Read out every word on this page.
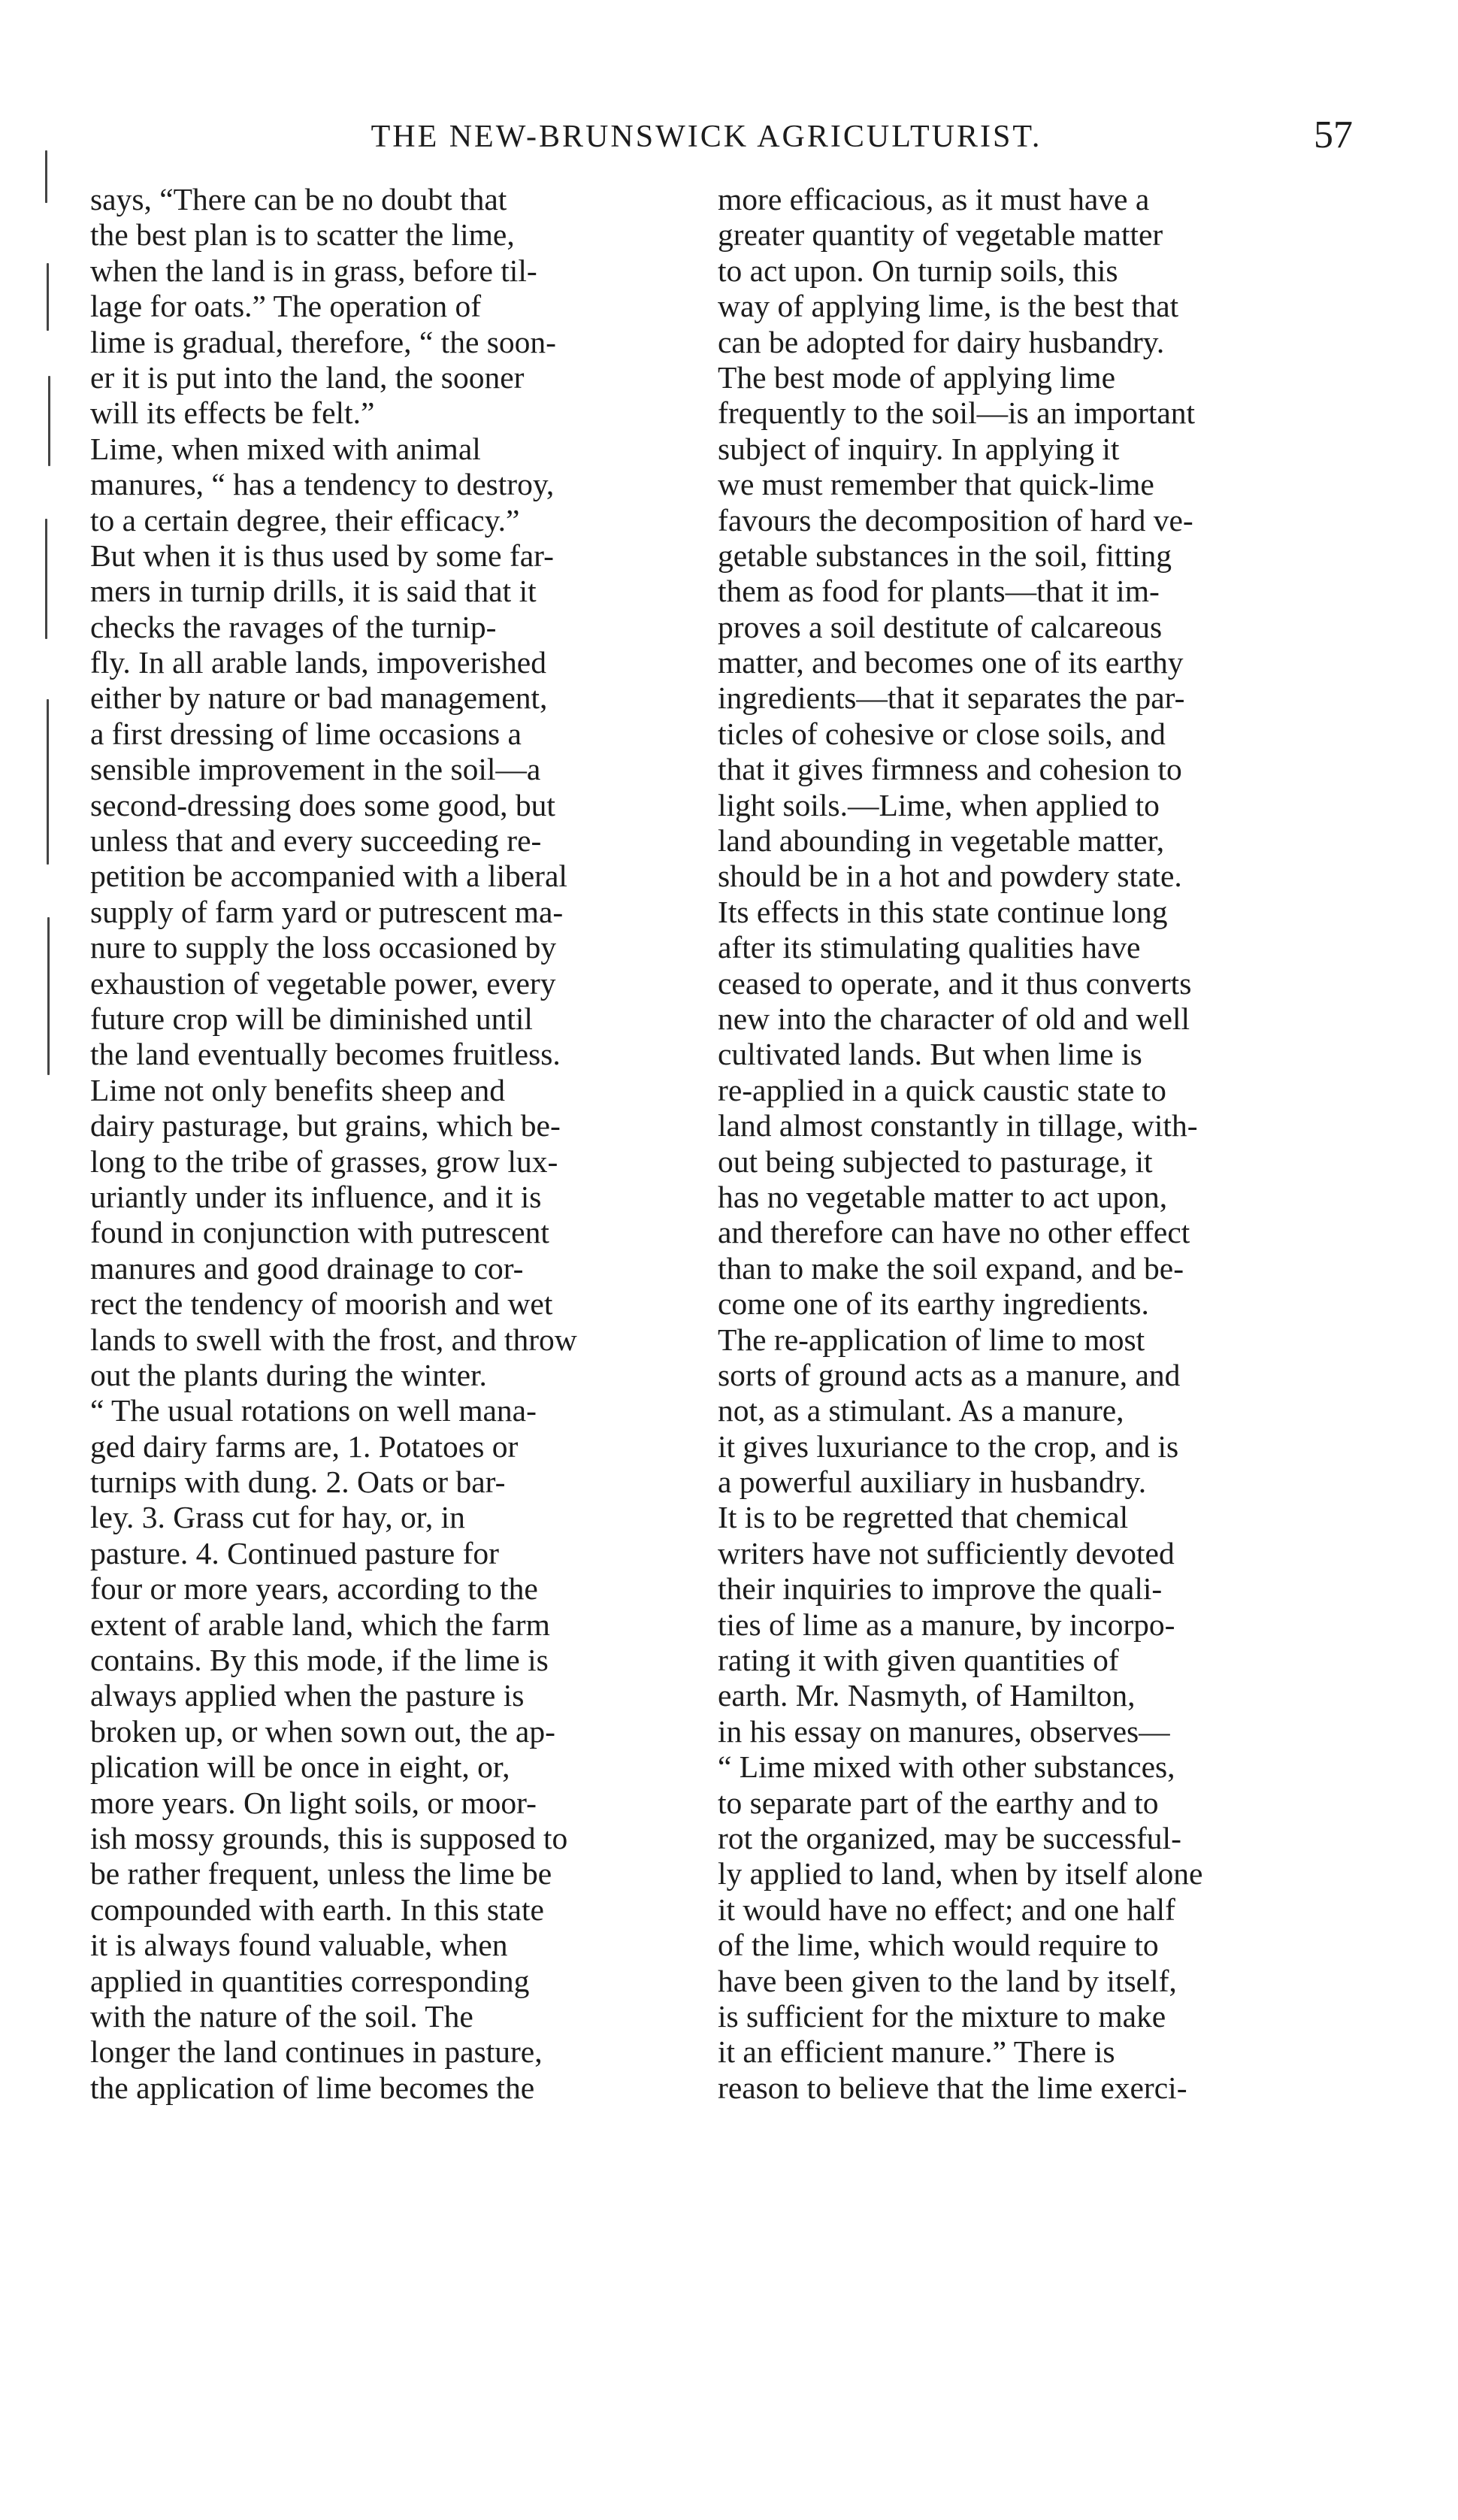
THE NEW-BRUNSWICK AGRICULTURIST.	57
says, “There can be no doubt that
the best plan is to scatter the lime,
when the land is in grass, before til-
lage for oats.” The operation of
lime is gradual, therefore, “ the soon-
er it is put into the land, the sooner
will its effects be felt.”
Lime, when mixed with animal
manures, “ has a tendency to destroy,
to a certain degree, their efficacy.”
But when it is thus used by some far-
mers in turnip drills, it is said that it
checks the ravages of the turnip-
fly. In all arable lands, impoverished
either by nature or bad management,
a first dressing of lime occasions a
sensible improvement in the soil—a
second-dressing does some good, but
unless that and every succeeding re-
petition be accompanied with a liberal
supply of farm yard or putrescent ma-
nure to supply the loss occasioned by
exhaustion of vegetable power, every
future crop will be diminished until
the land eventually becomes fruitless.
Lime not only benefits sheep and
dairy pasturage, but grains, which be-
long to the tribe of grasses, grow lux-
uriantly under its influence, and it is
found in conjunction with putrescent
manures and good drainage to cor-
rect the tendency of moorish and wet
lands to swell with the frost, and throw
out the plants during the winter.
“ The usual rotations on well mana-
ged dairy farms are, 1. Potatoes or
turnips with dung. 2. Oats or bar-
ley. 3. Grass cut for hay, or, in
pasture. 4. Continued pasture for
four or more years, according to the
extent of arable land, which the farm
contains. By this mode, if the lime is
always applied when the pasture is
broken up, or when sown out, the ap-
plication will be once in eight, or,
more years. On light soils, or moor-
ish mossy grounds, this is supposed to
be rather frequent, unless the lime be
compounded with earth. In this state
it is always found valuable, when
applied in quantities corresponding
with the nature of the soil. The
longer the land continues in pasture,
the application of lime becomes the
more efficacious, as it must have a
greater quantity of vegetable matter
to act upon. On turnip soils, this
way of applying lime, is the best that
can be adopted for dairy husbandry.
The best mode of applying lime
frequently to the soil—is an important
subject of inquiry. In applying it
we must remember that quick-lime
favours the decomposition of hard ve-
getable substances in the soil, fitting
them as food for plants—that it im-
proves a soil destitute of calcareous
matter, and becomes one of its earthy
ingredients—that it separates the par-
ticles of cohesive or close soils, and
that it gives firmness and cohesion to
light soils.—Lime, when applied to
land abounding in vegetable matter,
should be in a hot and powdery state.
Its effects in this state continue long
after its stimulating qualities have
ceased to operate, and it thus converts
new into the character of old and well
cultivated lands. But when lime is
re-applied in a quick caustic state to
land almost constantly in tillage, with-
out being subjected to pasturage, it
has no vegetable matter to act upon,
and therefore can have no other effect
than to make the soil expand, and be-
come one of its earthy ingredients.
The re-application of lime to most
sorts of ground acts as a manure, and
not, as a stimulant. As a manure,
it gives luxuriance to the crop, and is
a powerful auxiliary in husbandry.
It is to be regretted that chemical
writers have not sufficiently devoted
their inquiries to improve the quali-
ties of lime as a manure, by incorpo-
rating it with given quantities of
earth. Mr. Nasmyth, of Hamilton,
in his essay on manures, observes—
“ Lime mixed with other substances,
to separate part of the earthy and to
rot the organized, may be successful-
ly applied to land, when by itself alone
it would have no effect; and one half
of the lime, which would require to
have been given to the land by itself,
is sufficient for the mixture to make
it an efficient manure.” There is
reason to believe that the lime exerci-
